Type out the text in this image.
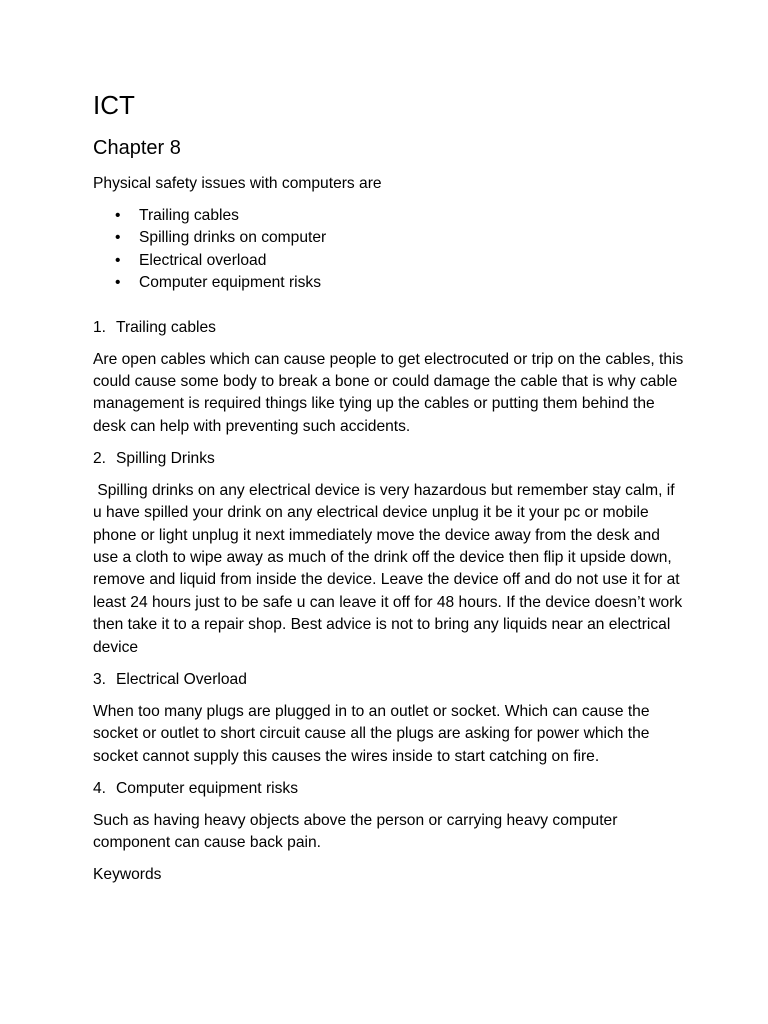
ICT
Chapter 8

Physical safety issues with computers are

• Trailing cables
• Spilling drinks on computer
• Electrical overload
• Computer equipment risks
1. Trailing cables

Are open cables which can cause people to get electrocuted or trip on the cables, this could cause some body to break a bone or could damage the cable that is why cable management is required things like tying up the cables or putting them behind the desk can help with preventing such accidents.

2. Spilling Drinks

Spilling drinks on any electrical device is very hazardous but remember stay calm, if u have spilled your drink on any electrical device unplug it be it your pc or mobile phone or light unplug it next immediately move the device away from the desk and use a cloth to wipe away as much of the drink off the device then flip it upside down, remove and liquid from inside the device. Leave the device off and do not use it for at least 24 hours just to be safe u can leave it off for 48 hours. If the device doesn’t work then take it to a repair shop. Best advice is not to bring any liquids near an electrical device

3. Electrical Overload

When too many plugs are plugged in to an outlet or socket. Which can cause the socket or outlet to short circuit cause all the plugs are asking for power which the socket cannot supply this causes the wires inside to start catching on fire.

4. Computer equipment risks

Such as having heavy objects above the person or carrying heavy computer component can cause back pain.

Keywords
